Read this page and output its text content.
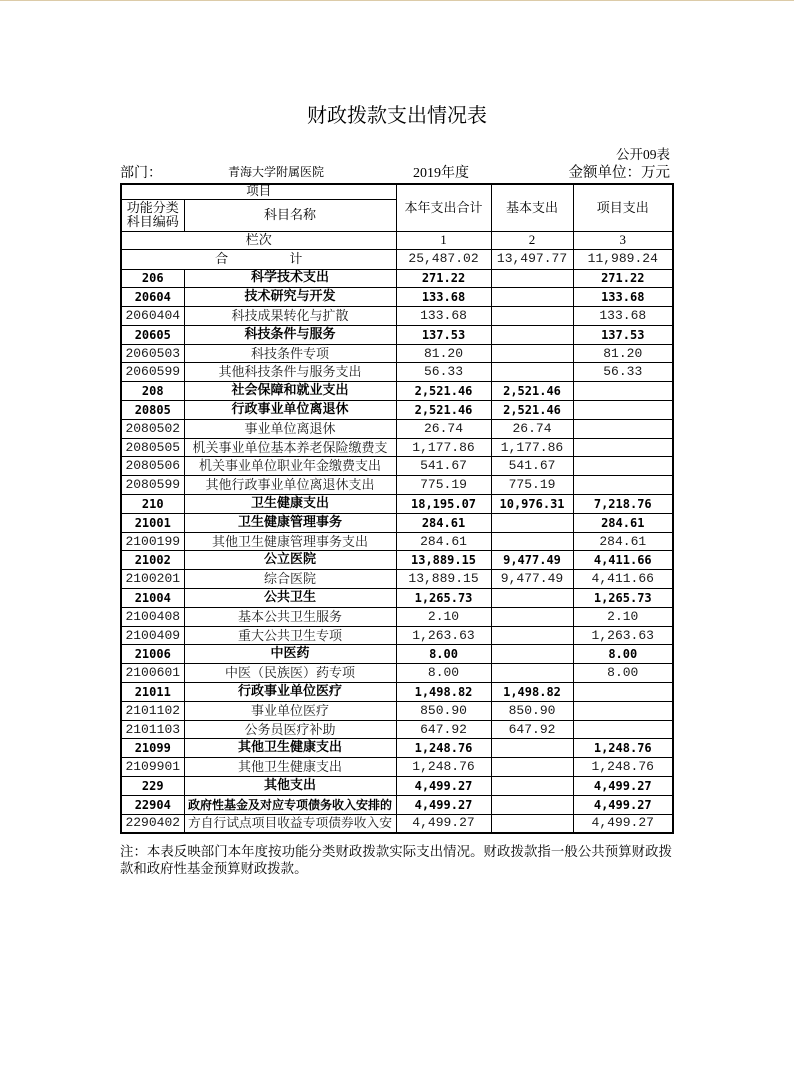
财政拨款支出情况表
公开09表
部门：	青海大学附属医院	2019年度	金额单位：万元
项目		本年支出合计	基本支出	项目支出

功能分类
科目编码	科目名称			
栏次		1	2	3
合 计		25,487.02	13,497.77	11,989.24
206	科学技术支出	271.22		271.22
20604	技术研究与开发	133.68		133.68
2060404	科技成果转化与扩散	133.68		133.68
20605	科技条件与服务	137.53		137.53
2060503	科技条件专项	81.20		81.20
2060599	其他科技条件与服务支出	56.33		56.33
208	社会保障和就业支出	2,521.46	2,521.46	
20805	行政事业单位离退休	2,521.46	2,521.46	
2080502	事业单位离退休	26.74	26.74	
2080505	机关事业单位基本养老保险缴费支	1,177.86	1,177.86	
2080506	机关事业单位职业年金缴费支出	541.67	541.67	
2080599	其他行政事业单位离退休支出	775.19	775.19	
210	卫生健康支出	18,195.07	10,976.31	7,218.76
21001	卫生健康管理事务	284.61		284.61
2100199	其他卫生健康管理事务支出	284.61		284.61
21002	公立医院	13,889.15	9,477.49	4,411.66
2100201	综合医院	13,889.15	9,477.49	4,411.66
21004	公共卫生	1,265.73		1,265.73
2100408	基本公共卫生服务	2.10		2.10
2100409	重大公共卫生专项	1,263.63		1,263.63
21006	中医药	8.00		8.00
2100601	中医（民族医）药专项	8.00		8.00
21011	行政事业单位医疗	1,498.82	1,498.82	
2101102	事业单位医疗	850.90	850.90	
2101103	公务员医疗补助	647.92	647.92	
21099	其他卫生健康支出	1,248.76		1,248.76
2109901	其他卫生健康支出	1,248.76		1,248.76
229	其他支出	4,499.27		4,499.27
22904	政府性基金及对应专项债务收入安排的	4,499.27		4,499.27
2290402	方自行试点项目收益专项债券收入安	4,499.27		4,499.27
注：本表反映部门本年度按功能分类财政拨款实际支出情况。财政拨款指一般公共预算财政拨款和政府性基金预算财政拨款。
